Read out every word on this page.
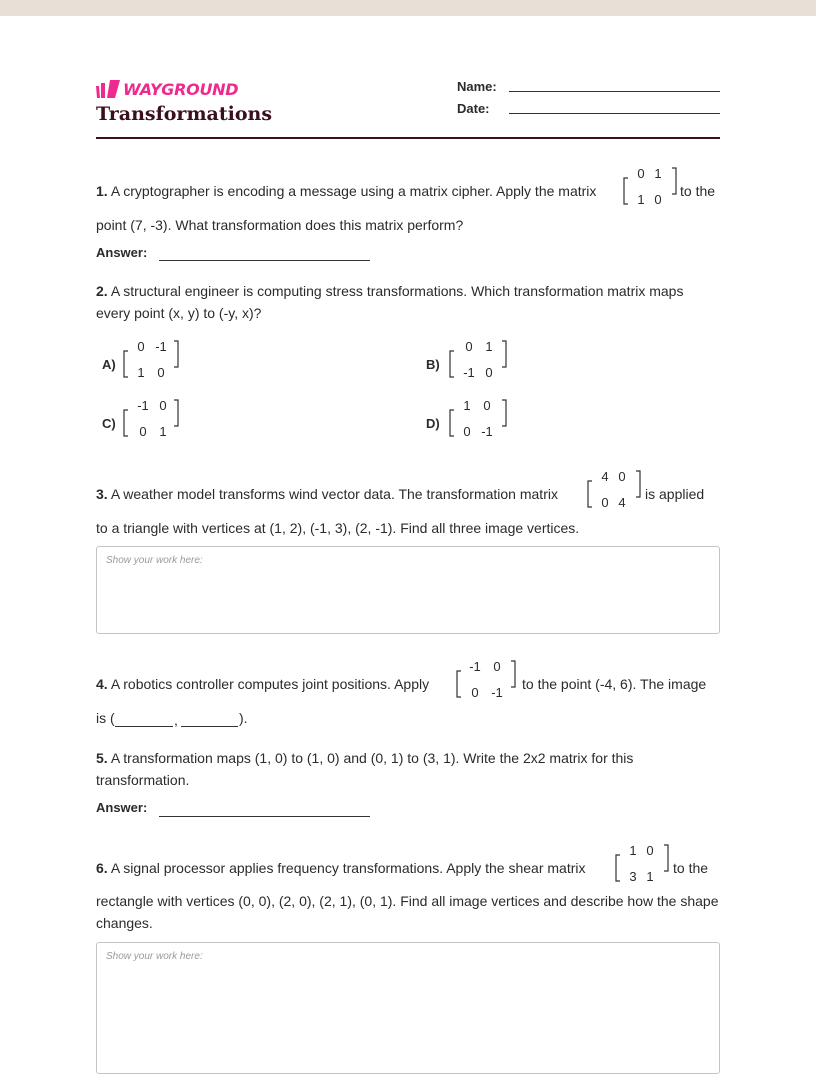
WAYGROUND
Transformations
Name:
Date:
1. A cryptographer is encoding a message using a matrix cipher. Apply the matrix
0 1
1 0
to the
point (7, -3). What transformation does this matrix perform?
Answer:
2. A structural engineer is computing stress transformations. Which transformation matrix maps every point (x, y) to (-y, x)?
A)
0 -1
1 0
B)
0 1
-1 0
C)
-1 0
0 1
D)
1 0
0 -1
3. A weather model transforms wind vector data. The transformation matrix
4 0
0 4
is applied
to a triangle with vertices at (1, 2), (-1, 3), (2, -1). Find all three image vertices.
Show your work here:
4. A robotics controller computes joint positions. Apply
-1 0
0 -1
to the point (-4, 6). The image
is (	,	).
5. A transformation maps (1, 0) to (1, 0) and (0, 1) to (3, 1). Write the 2x2 matrix for this transformation.
Answer:
6. A signal processor applies frequency transformations. Apply the shear matrix
1 0
3 1
to the
rectangle with vertices (0, 0), (2, 0), (2, 1), (0, 1). Find all image vertices and describe how the shape changes.
Show your work here:
